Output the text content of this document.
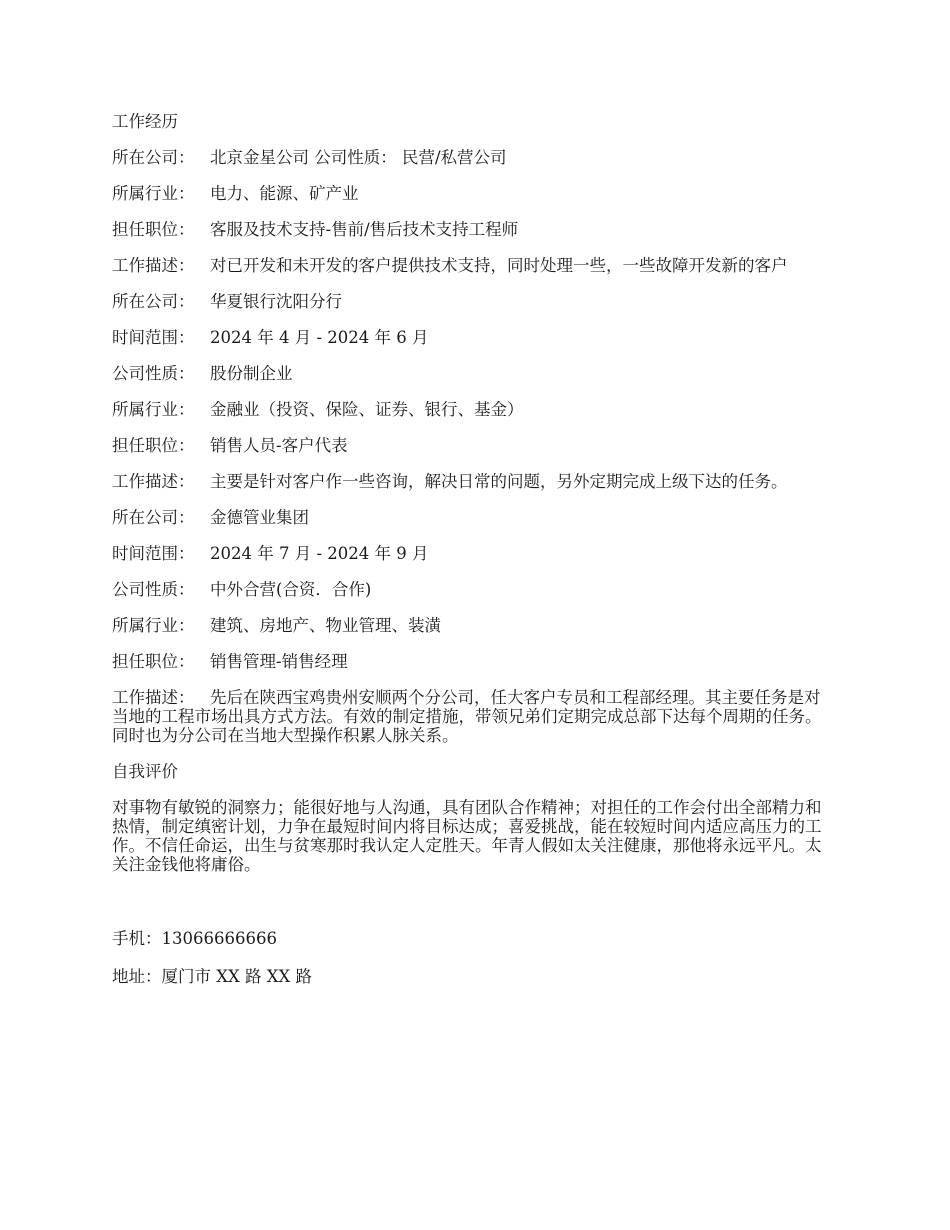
工作经历
所在公司： 北京金星公司 公司性质： 民营/私营公司
所属行业： 电力、能源、矿产业
担任职位： 客服及技术支持-售前/售后技术支持工程师
工作描述： 对已开发和未开发的客户提供技术支持，同时处理一些，一些故障开发新的客户
所在公司： 华夏银行沈阳分行
时间范围： 2024 年 4 月 - 2024 年 6 月
公司性质： 股份制企业
所属行业： 金融业（投资、保险、证券、银行、基金）
担任职位： 销售人员-客户代表
工作描述： 主要是针对客户作一些咨询，解决日常的问题，另外定期完成上级下达的任务。
所在公司： 金德管业集团
时间范围： 2024 年 7 月 - 2024 年 9 月
公司性质： 中外合营(合资．合作)
所属行业： 建筑、房地产、物业管理、装潢
担任职位： 销售管理-销售经理
工作描述： 先后在陕西宝鸡贵州安顺两个分公司，任大客户专员和工程部经理。其主要任务是对当地的工程市场出具方式方法。有效的制定措施，带领兄弟们定期完成总部下达每个周期的任务。同时也为分公司在当地大型操作积累人脉关系。
自我评价
对事物有敏锐的洞察力；能很好地与人沟通，具有团队合作精神；对担任的工作会付出全部精力和热情，制定缜密计划，力争在最短时间内将目标达成；喜爱挑战，能在较短时间内适应高压力的工作。不信任命运，出生与贫寒那时我认定人定胜天。年青人假如太关注健康，那他将永远平凡。太关注金钱他将庸俗。
手机： 13066666666
地址： 厦门市 XX 路 XX 路
